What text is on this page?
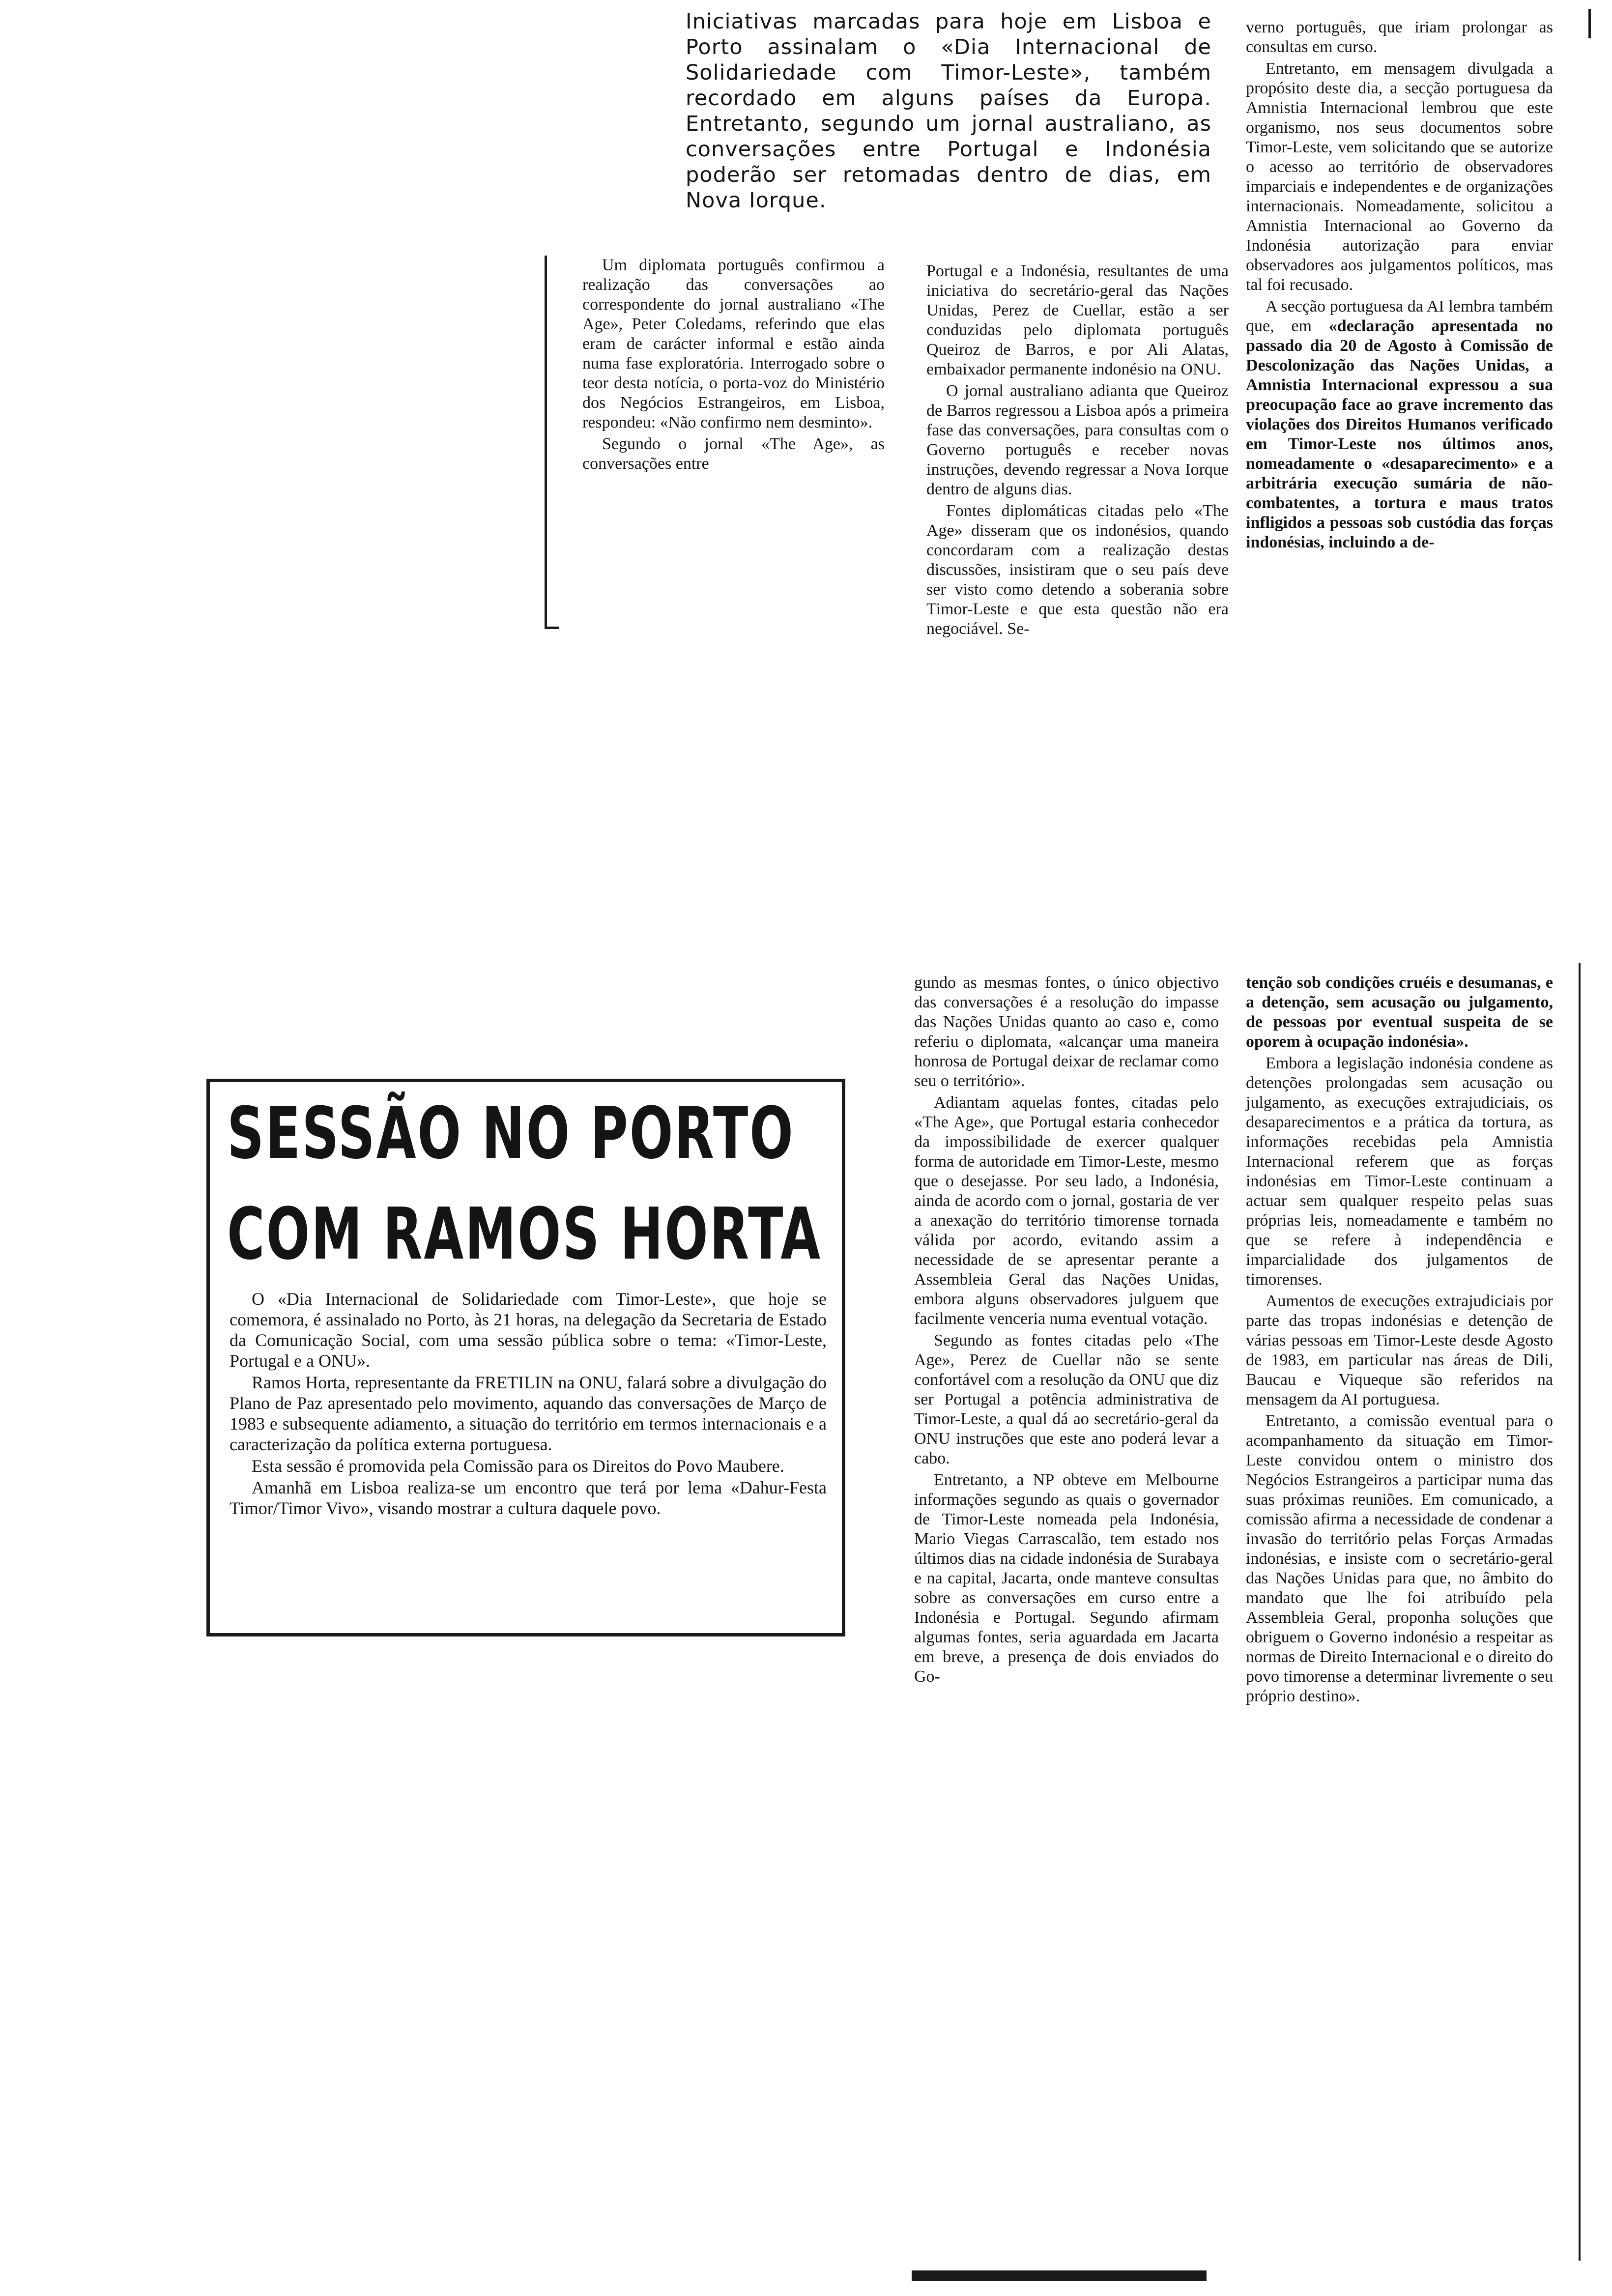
Iniciativas marcadas para hoje em Lisboa e Porto assinalam o «Dia Internacional de Solidariedade com Timor-Leste», também recordado em alguns países da Europa. Entretanto, segundo um jornal australiano, as conversações entre Portugal e Indonésia poderão ser retomadas dentro de dias, em Nova Iorque.

Um diplomata português confirmou a realização das conversações ao correspondente do jornal australiano «The Age», Peter Coledams, referindo que elas eram de carácter informal e estão ainda numa fase exploratória. Interrogado sobre o teor desta notícia, o porta-voz do Ministério dos Negócios Estrangeiros, em Lisboa, respondeu: «Não confirmo nem desminto».

Segundo o jornal «The Age», as conversações entre

Portugal e a Indonésia, resultantes de uma iniciativa do secretário-geral das Nações Unidas, Perez de Cuellar, estão a ser conduzidas pelo diplomata português Queiroz de Barros, e por Ali Alatas, embaixador permanente indonésio na ONU.

O jornal australiano adianta que Queiroz de Barros regressou a Lisboa após a primeira fase das conversações, para consultas com o Governo português e receber novas instruções, devendo regressar a Nova Iorque dentro de alguns dias.

Fontes diplomáticas citadas pelo «The Age» disseram que os indonésios, quando concordaram com a realização destas discussões, insistiram que o seu país deve ser visto como detendo a soberania sobre Timor-Leste e que esta questão não era negociável. Se-

verno português, que iriam prolongar as consultas em curso.

Entretanto, em mensagem divulgada a propósito deste dia, a secção portuguesa da Amnistia Internacional lembrou que este organismo, nos seus documentos sobre Timor-Leste, vem solicitando que se autorize o acesso ao território de observadores imparciais e independentes e de organizações internacionais. Nomeadamente, solicitou a Amnistia Internacional ao Governo da Indonésia autorização para enviar observadores aos julgamentos políticos, mas tal foi recusado.

A secção portuguesa da AI lembra também que, em «declaração apresentada no passado dia 20 de Agosto à Comissão de Descolonização das Nações Unidas, a Amnistia Internacional expressou a sua preocupação face ao grave incremento das violações dos Direitos Humanos verificado em Timor-Leste nos últimos anos, nomeadamente o «desaparecimento» e a arbitrária execução sumária de não-combatentes, a tortura e maus tratos infligidos a pessoas sob custódia das forças indonésias, incluindo a de-

SESSÃO NO PORTO
COM RAMOS HORTA

O «Dia Internacional de Solidariedade com Timor-Leste», que hoje se comemora, é assinalado no Porto, às 21 horas, na delegação da Secretaria de Estado da Comunicação Social, com uma sessão pública sobre o tema: «Timor-Leste, Portugal e a ONU».

Ramos Horta, representante da FRETILIN na ONU, falará sobre a divulgação do Plano de Paz apresentado pelo movimento, aquando das conversações de Março de 1983 e subsequente adiamento, a situação do território em termos internacionais e a caracterização da política externa portuguesa.

Esta sessão é promovida pela Comissão para os Direitos do Povo Maubere.

Amanhã em Lisboa realiza-se um encontro que terá por lema «Dahur-Festa Timor/Timor Vivo», visando mostrar a cultura daquele povo.

gundo as mesmas fontes, o único objectivo das conversações é a resolução do impasse das Nações Unidas quanto ao caso e, como referiu o diplomata, «alcançar uma maneira honrosa de Portugal deixar de reclamar como seu o território».

Adiantam aquelas fontes, citadas pelo «The Age», que Portugal estaria conhecedor da impossibilidade de exercer qualquer forma de autoridade em Timor-Leste, mesmo que o desejasse. Por seu lado, a Indonésia, ainda de acordo com o jornal, gostaria de ver a anexação do território timorense tornada válida por acordo, evitando assim a necessidade de se apresentar perante a Assembleia Geral das Nações Unidas, embora alguns observadores julguem que facilmente venceria numa eventual votação.

Segundo as fontes citadas pelo «The Age», Perez de Cuellar não se sente confortável com a resolução da ONU que diz ser Portugal a potência administrativa de Timor-Leste, a qual dá ao secretário-geral da ONU instruções que este ano poderá levar a cabo.

Entretanto, a NP obteve em Melbourne informações segundo as quais o governador de Timor-Leste nomeada pela Indonésia, Mario Viegas Carrascalão, tem estado nos últimos dias na cidade indonésia de Surabaya e na capital, Jacarta, onde manteve consultas sobre as conversações em curso entre a Indonésia e Portugal. Segundo afirmam algumas fontes, seria aguardada em Jacarta em breve, a presença de dois enviados do Go-

tenção sob condições cruéis e desumanas, e a detenção, sem acusação ou julgamento, de pessoas por eventual suspeita de se oporem à ocupação indonésia».

Embora a legislação indonésia condene as detenções prolongadas sem acusação ou julgamento, as execuções extrajudiciais, os desaparecimentos e a prática da tortura, as informações recebidas pela Amnistia Internacional referem que as forças indonésias em Timor-Leste continuam a actuar sem qualquer respeito pelas suas próprias leis, nomeadamente e também no que se refere à independência e imparcialidade dos julgamentos de timorenses.

Aumentos de execuções extrajudiciais por parte das tropas indonésias e detenção de várias pessoas em Timor-Leste desde Agosto de 1983, em particular nas áreas de Dili, Baucau e Viqueque são referidos na mensagem da AI portuguesa.

Entretanto, a comissão eventual para o acompanhamento da situação em Timor-Leste convidou ontem o ministro dos Negócios Estrangeiros a participar numa das suas próximas reuniões. Em comunicado, a comissão afirma a necessidade de condenar a invasão do território pelas Forças Armadas indonésias, e insiste com o secretário-geral das Nações Unidas para que, no âmbito do mandato que lhe foi atribuído pela Assembleia Geral, proponha soluções que obriguem o Governo indonésio a respeitar as normas de Direito Internacional e o direito do povo timorense a determinar livremente o seu próprio destino».
